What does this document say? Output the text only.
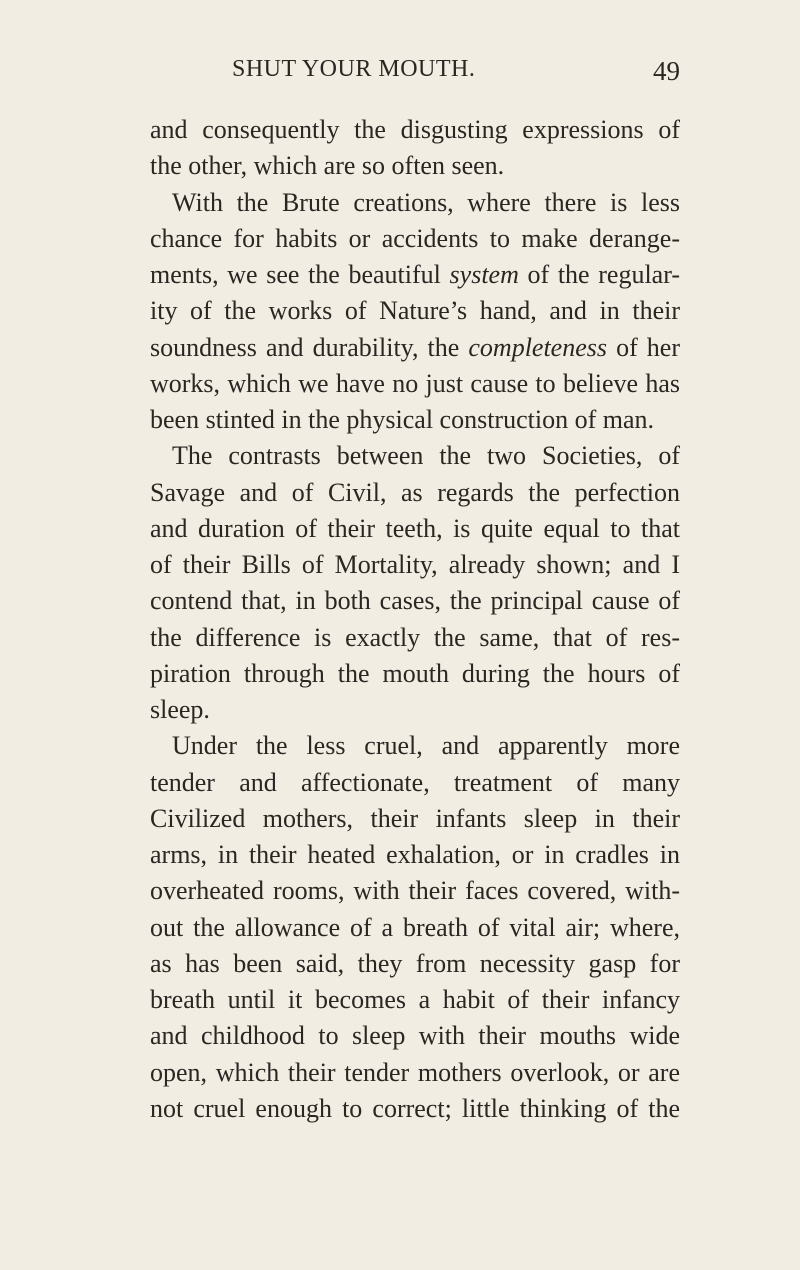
SHUT YOUR MOUTH.	49
and consequently the disgusting expressions of
the other, which are so often seen.
With the Brute creations, where there is less
chance for habits or accidents to make derange-
ments, we see the beautiful system of the regular-
ity of the works of Nature’s hand, and in their
soundness and durability, the completeness of her
works, which we have no just cause to believe has
been stinted in the physical construction of man.
The contrasts between the two Societies, of
Savage and of Civil, as regards the perfection
and duration of their teeth, is quite equal to that
of their Bills of Mortality, already shown; and I
contend that, in both cases, the principal cause of
the difference is exactly the same, that of res-
piration through the mouth during the hours of
sleep.
Under the less cruel, and apparently more
tender and affectionate, treatment of many
Civilized mothers, their infants sleep in their
arms, in their heated exhalation, or in cradles in
overheated rooms, with their faces covered, with-
out the allowance of a breath of vital air; where,
as has been said, they from necessity gasp for
breath until it becomes a habit of their infancy
and childhood to sleep with their mouths wide
open, which their tender mothers overlook, or are
not cruel enough to correct; little thinking of the
